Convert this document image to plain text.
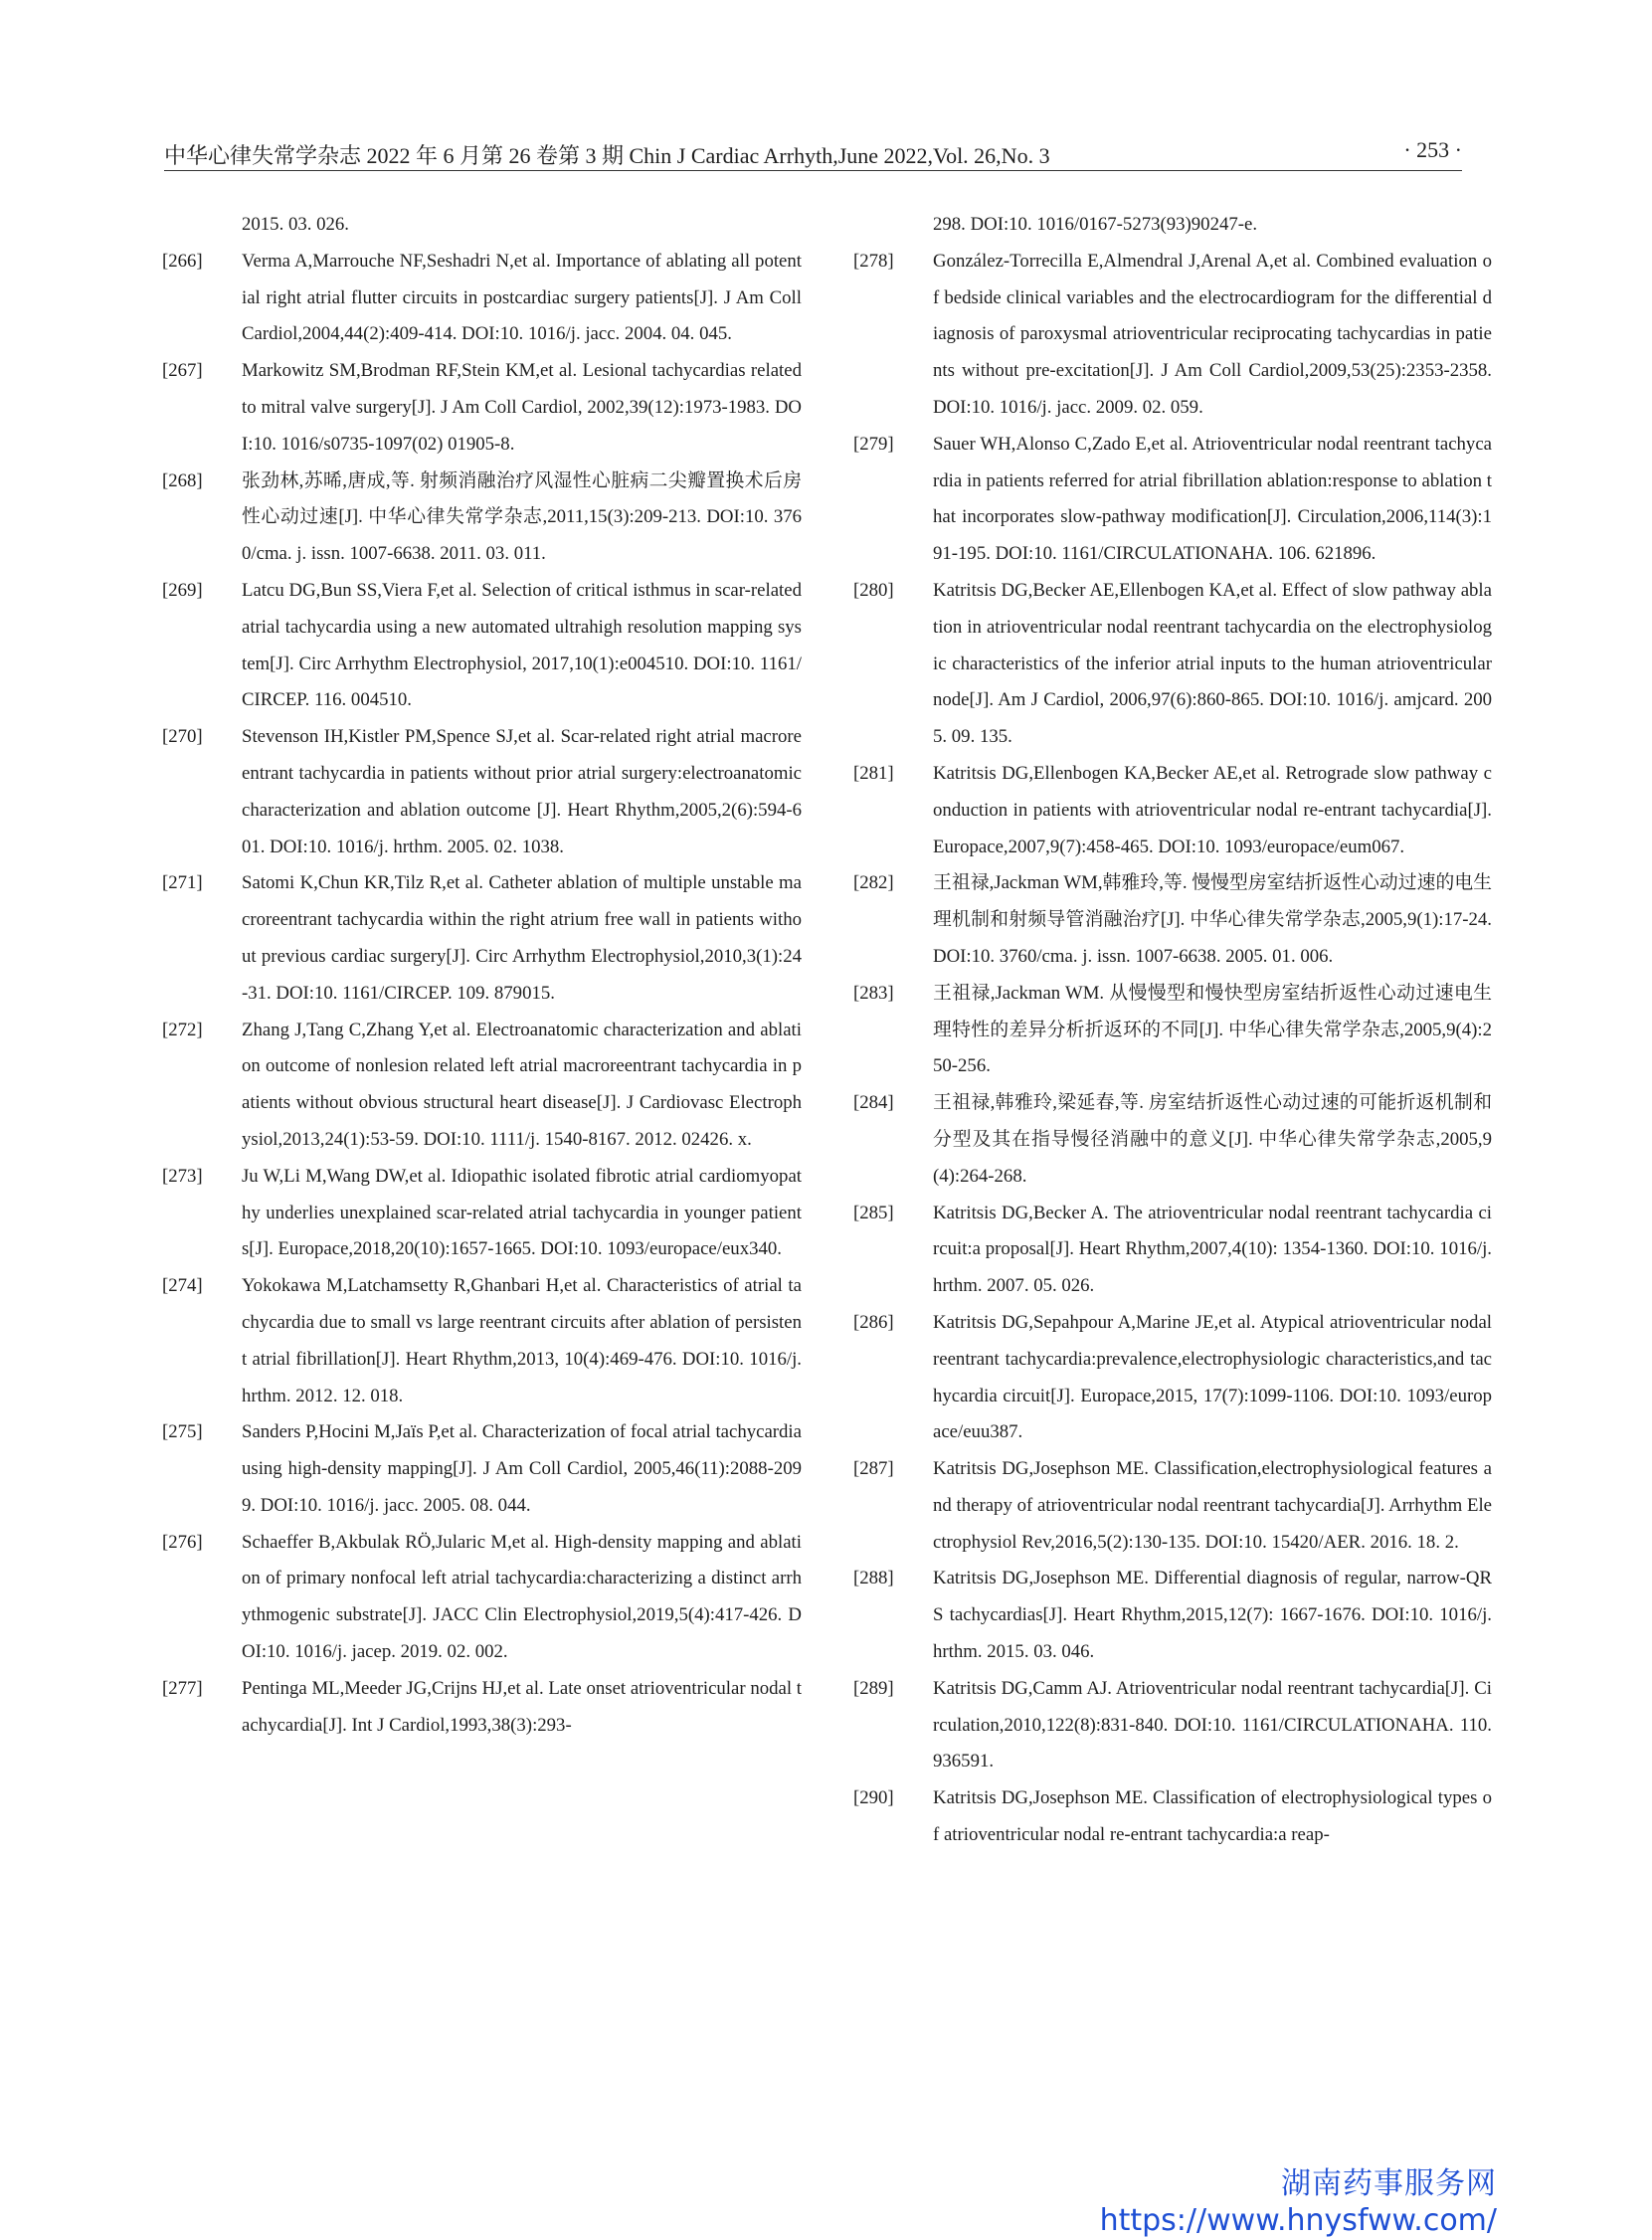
中华心律失常学杂志 2022 年 6 月第 26 卷第 3 期 Chin J Cardiac Arrhyth,June 2022,Vol. 26,No. 3	· 253 ·
2015. 03. 026.
[266] Verma A,Marrouche NF,Seshadri N,et al. Importance of ablating all potential right atrial flutter circuits in postcardiac surgery patients[J]. J Am Coll Cardiol,2004,44(2):409-414. DOI:10. 1016/j. jacc. 2004. 04. 045.
[267] Markowitz SM,Brodman RF,Stein KM,et al. Lesional tachycardias related to mitral valve surgery[J]. J Am Coll Cardiol, 2002,39(12):1973-1983. DOI:10. 1016/s0735-1097(02) 01905-8.
[268] 张劲林,苏晞,唐成,等. 射频消融治疗风湿性心脏病二尖瓣置换术后房性心动过速[J]. 中华心律失常学杂志,2011,15(3):209-213. DOI:10. 3760/cma. j. issn. 1007-6638. 2011. 03. 011.
[269] Latcu DG,Bun SS,Viera F,et al. Selection of critical isthmus in scar-related atrial tachycardia using a new automated ultrahigh resolution mapping system[J]. Circ Arrhythm Electrophysiol, 2017,10(1):e004510. DOI:10. 1161/CIRCEP. 116. 004510.
[270] Stevenson IH,Kistler PM,Spence SJ,et al. Scar-related right atrial macroreentrant tachycardia in patients without prior atrial surgery:electroanatomic characterization and ablation outcome [J]. Heart Rhythm,2005,2(6):594-601. DOI:10. 1016/j. hrthm. 2005. 02. 1038.
[271] Satomi K,Chun KR,Tilz R,et al. Catheter ablation of multiple unstable macroreentrant tachycardia within the right atrium free wall in patients without previous cardiac surgery[J]. Circ Arrhythm Electrophysiol,2010,3(1):24-31. DOI:10. 1161/CIRCEP. 109. 879015.
[272] Zhang J,Tang C,Zhang Y,et al. Electroanatomic characterization and ablation outcome of nonlesion related left atrial macroreentrant tachycardia in patients without obvious structural heart disease[J]. J Cardiovasc Electrophysiol,2013,24(1):53-59. DOI:10. 1111/j. 1540-8167. 2012. 02426. x.
[273] Ju W,Li M,Wang DW,et al. Idiopathic isolated fibrotic atrial cardiomyopathy underlies unexplained scar-related atrial tachycardia in younger patients[J]. Europace,2018,20(10):1657-1665. DOI:10. 1093/europace/eux340.
[274] Yokokawa M,Latchamsetty R,Ghanbari H,et al. Characteristics of atrial tachycardia due to small vs large reentrant circuits after ablation of persistent atrial fibrillation[J]. Heart Rhythm,2013, 10(4):469-476. DOI:10. 1016/j. hrthm. 2012. 12. 018.
[275] Sanders P,Hocini M,Jaïs P,et al. Characterization of focal atrial tachycardia using high-density mapping[J]. J Am Coll Cardiol, 2005,46(11):2088-2099. DOI:10. 1016/j. jacc. 2005. 08. 044.
[276] Schaeffer B,Akbulak RÖ,Jularic M,et al. High-density mapping and ablation of primary nonfocal left atrial tachycardia:characterizing a distinct arrhythmogenic substrate[J]. JACC Clin Electrophysiol,2019,5(4):417-426. DOI:10. 1016/j. jacep. 2019. 02. 002.
[277] Pentinga ML,Meeder JG,Crijns HJ,et al. Late onset atrioventricular nodal tachycardia[J]. Int J Cardiol,1993,38(3):293-
298. DOI:10. 1016/0167-5273(93)90247-e.
[278] González-Torrecilla E,Almendral J,Arenal A,et al. Combined evaluation of bedside clinical variables and the electrocardiogram for the differential diagnosis of paroxysmal atrioventricular reciprocating tachycardias in patients without pre-excitation[J]. J Am Coll Cardiol,2009,53(25):2353-2358. DOI:10. 1016/j. jacc. 2009. 02. 059.
[279] Sauer WH,Alonso C,Zado E,et al. Atrioventricular nodal reentrant tachycardia in patients referred for atrial fibrillation ablation:response to ablation that incorporates slow-pathway modification[J]. Circulation,2006,114(3):191-195. DOI:10. 1161/CIRCULATIONAHA. 106. 621896.
[280] Katritsis DG,Becker AE,Ellenbogen KA,et al. Effect of slow pathway ablation in atrioventricular nodal reentrant tachycardia on the electrophysiologic characteristics of the inferior atrial inputs to the human atrioventricular node[J]. Am J Cardiol, 2006,97(6):860-865. DOI:10. 1016/j. amjcard. 2005. 09. 135.
[281] Katritsis DG,Ellenbogen KA,Becker AE,et al. Retrograde slow pathway conduction in patients with atrioventricular nodal re-entrant tachycardia[J]. Europace,2007,9(7):458-465. DOI:10. 1093/europace/eum067.
[282] 王祖禄,Jackman WM,韩雅玲,等. 慢慢型房室结折返性心动过速的电生理机制和射频导管消融治疗[J]. 中华心律失常学杂志,2005,9(1):17-24. DOI:10. 3760/cma. j. issn. 1007-6638. 2005. 01. 006.
[283] 王祖禄,Jackman WM. 从慢慢型和慢快型房室结折返性心动过速电生理特性的差异分析折返环的不同[J]. 中华心律失常学杂志,2005,9(4):250-256.
[284] 王祖禄,韩雅玲,梁延春,等. 房室结折返性心动过速的可能折返机制和分型及其在指导慢径消融中的意义[J]. 中华心律失常学杂志,2005,9(4):264-268.
[285] Katritsis DG,Becker A. The atrioventricular nodal reentrant tachycardia circuit:a proposal[J]. Heart Rhythm,2007,4(10): 1354-1360. DOI:10. 1016/j. hrthm. 2007. 05. 026.
[286] Katritsis DG,Sepahpour A,Marine JE,et al. Atypical atrioventricular nodal reentrant tachycardia:prevalence,electrophysiologic characteristics,and tachycardia circuit[J]. Europace,2015, 17(7):1099-1106. DOI:10. 1093/europace/euu387.
[287] Katritsis DG,Josephson ME. Classification,electrophysiological features and therapy of atrioventricular nodal reentrant tachycardia[J]. Arrhythm Electrophysiol Rev,2016,5(2):130-135. DOI:10. 15420/AER. 2016. 18. 2.
[288] Katritsis DG,Josephson ME. Differential diagnosis of regular, narrow-QRS tachycardias[J]. Heart Rhythm,2015,12(7): 1667-1676. DOI:10. 1016/j. hrthm. 2015. 03. 046.
[289] Katritsis DG,Camm AJ. Atrioventricular nodal reentrant tachycardia[J]. Circulation,2010,122(8):831-840. DOI:10. 1161/CIRCULATIONAHA. 110. 936591.
[290] Katritsis DG,Josephson ME. Classification of electrophysiological types of atrioventricular nodal re-entrant tachycardia:a reap-
湖南药事服务网
https://www.hnysfww.com/
